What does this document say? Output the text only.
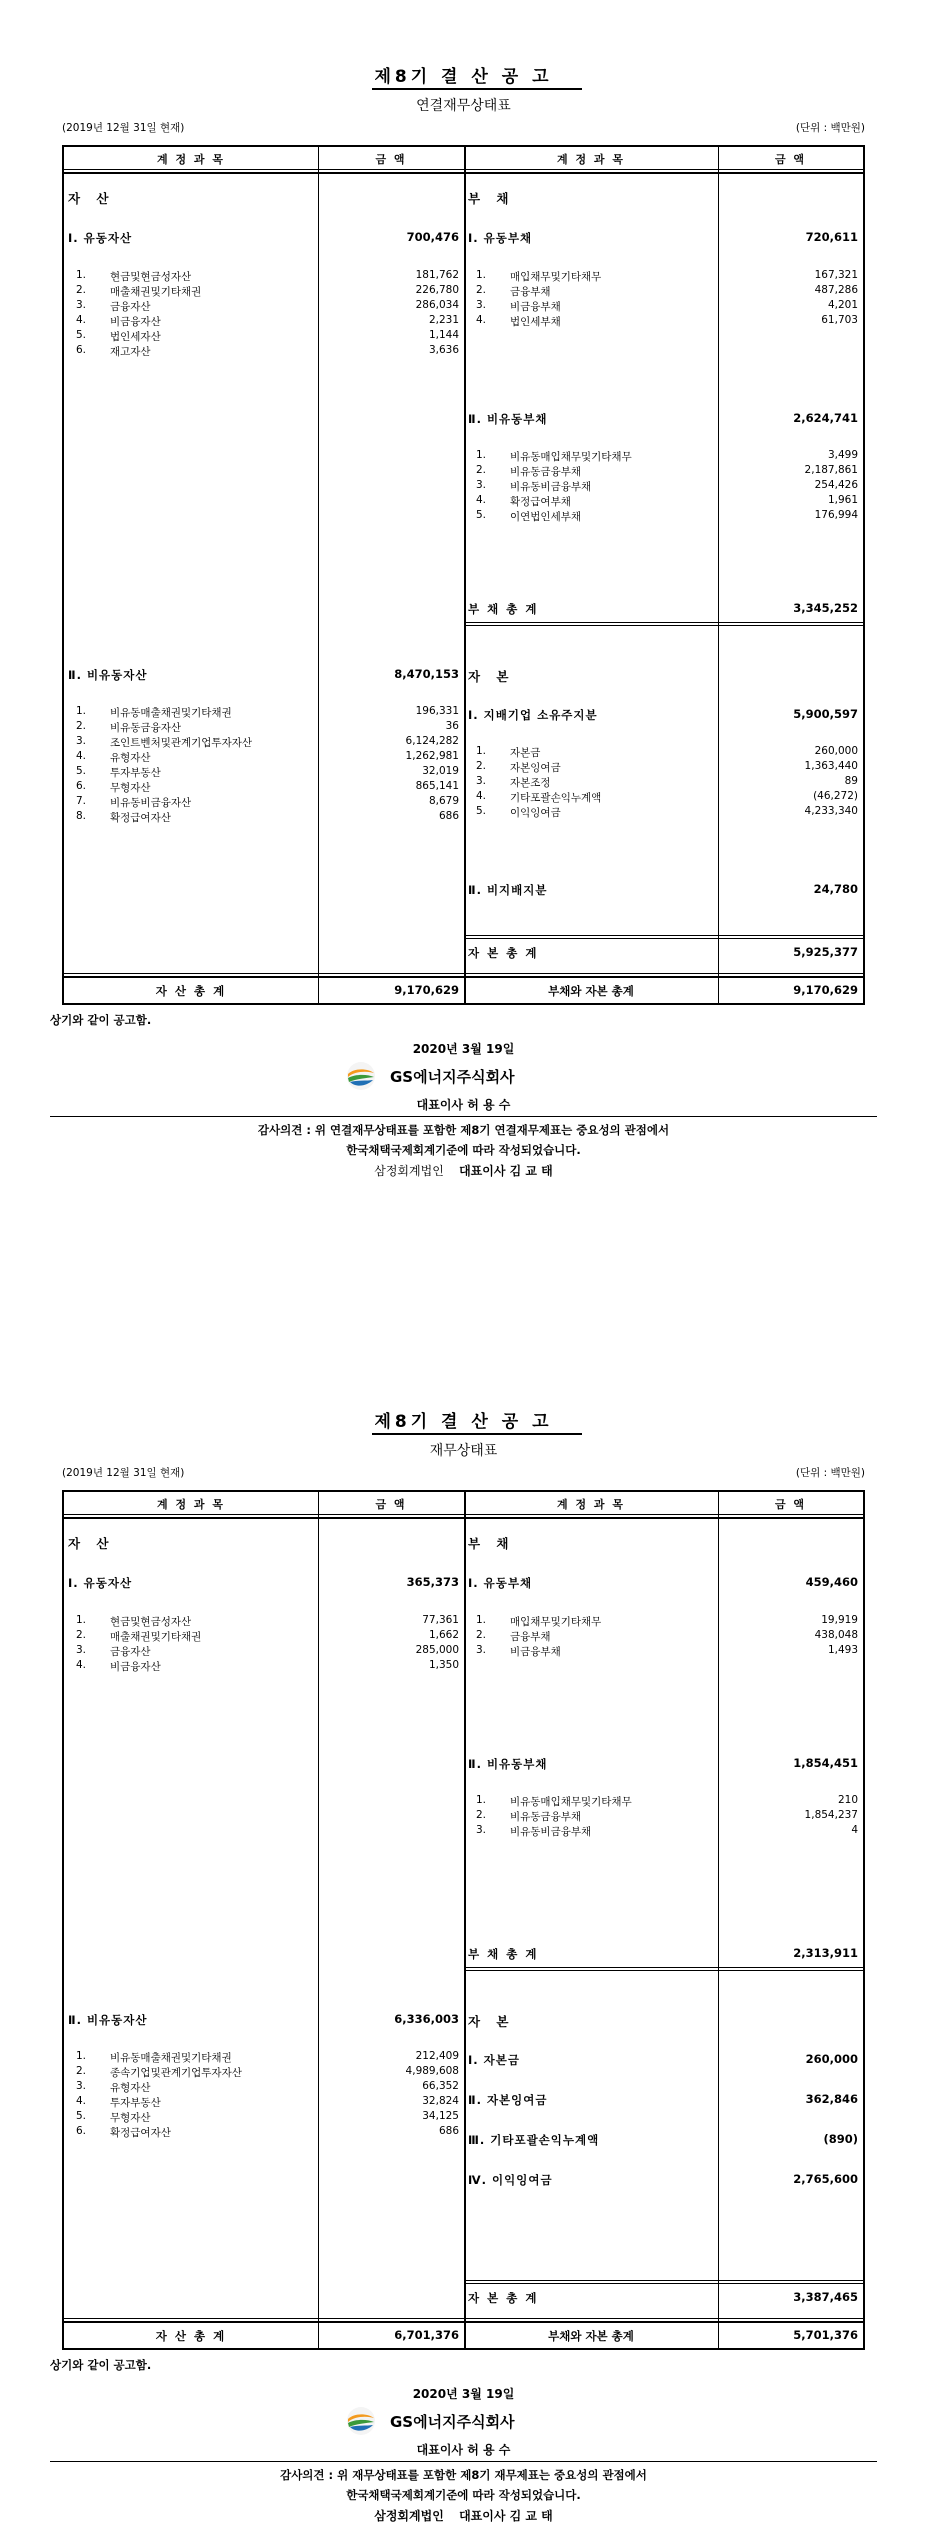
제8기 결 산 공 고
연결재무상태표
(2019년 12월 31일 현재)	(단위 : 백만원)
계 정 과 목	금 액	계 정 과 목	금 액
자 산
Ⅰ. 유동자산	700,476
1. 현금및현금성자산	181,762
2. 매출채권및기타채권	226,780
3. 금융자산	286,034
4. 비금융자산	2,231
5. 법인세자산	1,144
6. 재고자산	3,636
Ⅱ. 비유동자산	8,470,153
1. 비유동매출채권및기타채권	196,331
2. 비유동금융자산	36
3. 조인트벤처및관계기업투자자산	6,124,282
4. 유형자산	1,262,981
5. 투자부동산	32,019
6. 무형자산	865,141
7. 비유동비금융자산	8,679
8. 확정급여자산	686
자 산 총 계	9,170,629
부 채
Ⅰ. 유동부채	720,611
1. 매입채무및기타채무	167,321
2. 금융부채	487,286
3. 비금융부채	4,201
4. 법인세부채	61,703
Ⅱ. 비유동부채	2,624,741
1. 비유동매입채무및기타채무	3,499
2. 비유동금융부채	2,187,861
3. 비유동비금융부채	254,426
4. 확정급여부채	1,961
5. 이연법인세부채	176,994
부 채 총 계	3,345,252
자 본
Ⅰ. 지배기업 소유주지분	5,900,597
1. 자본금	260,000
2. 자본잉여금	1,363,440
3. 자본조정	89
4. 기타포괄손익누계액	(46,272)
5. 이익잉여금	4,233,340
Ⅱ. 비지배지분	24,780
자 본 총 계	5,925,377
부채와 자본 총계	9,170,629
상기와 같이 공고함.
2020년 3월 19일
GS에너지주식회사
대표이사 허 용 수
감사의견 : 위 연결재무상태표를 포함한 제8기 연결재무제표는 중요성의 관점에서
한국채택국제회계기준에 따라 작성되었습니다.
삼정회계법인 대표이사 김 교 태
제8기 결 산 공 고
재무상태표
(2019년 12월 31일 현재)	(단위 : 백만원)
계 정 과 목	금 액	계 정 과 목	금 액
자 산
Ⅰ. 유동자산	365,373
1. 현금및현금성자산	77,361
2. 매출채권및기타채권	1,662
3. 금융자산	285,000
4. 비금융자산	1,350
Ⅱ. 비유동자산	6,336,003
1. 비유동매출채권및기타채권	212,409
2. 종속기업및관계기업투자자산	4,989,608
3. 유형자산	66,352
4. 투자부동산	32,824
5. 무형자산	34,125
6. 확정급여자산	686
자 산 총 계	6,701,376
부 채
Ⅰ. 유동부채	459,460
1. 매입채무및기타채무	19,919
2. 금융부채	438,048
3. 비금융부채	1,493
Ⅱ. 비유동부채	1,854,451
1. 비유동매입채무및기타채무	210
2. 비유동금융부채	1,854,237
3. 비유동비금융부채	4
부 채 총 계	2,313,911
자 본
Ⅰ. 자본금	260,000
Ⅱ. 자본잉여금	362,846
Ⅲ. 기타포괄손익누계액	(890)
Ⅳ. 이익잉여금	2,765,600
자 본 총 계	3,387,465
부채와 자본 총계	5,701,376
상기와 같이 공고함.
2020년 3월 19일
GS에너지주식회사
대표이사 허 용 수
감사의견 : 위 재무상태표를 포함한 제8기 재무제표는 중요성의 관점에서
한국채택국제회계기준에 따라 작성되었습니다.
삼정회계법인 대표이사 김 교 태
